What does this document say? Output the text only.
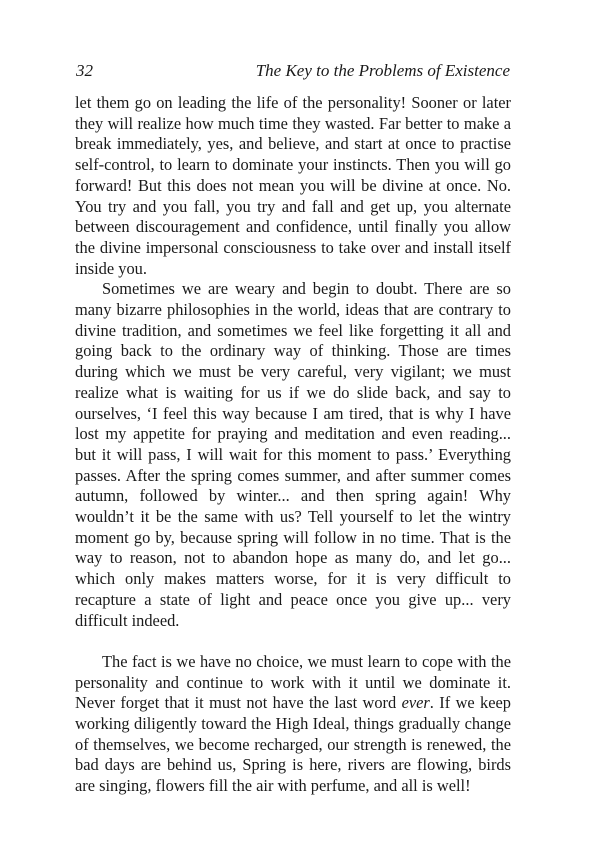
32	The Key to the Problems of Existence

let them go on leading the life of the personality! Sooner or later they will realize how much time they wasted. Far better to make a break immediately, yes, and believe, and start at once to practise self-control, to learn to dominate your instincts. Then you will go forward! But this does not mean you will be divine at once. No. You try and you fall, you try and fall and get up, you alternate between discouragement and confidence, until finally you allow the divine impersonal consciousness to take over and install itself inside you.

Sometimes we are weary and begin to doubt. There are so many bizarre philosophies in the world, ideas that are contrary to divine tradition, and sometimes we feel like forgetting it all and going back to the ordinary way of thinking. Those are times during which we must be very careful, very vigilant; we must realize what is waiting for us if we do slide back, and say to ourselves, ‘I feel this way because I am tired, that is why I have lost my appetite for praying and meditation and even reading... but it will pass, I will wait for this moment to pass.’ Everything passes. After the spring comes summer, and after summer comes autumn, followed by winter... and then spring again! Why wouldn’t it be the same with us? Tell yourself to let the wintry moment go by, because spring will follow in no time. That is the way to reason, not to abandon hope as many do, and let go... which only makes matters worse, for it is very difficult to recapture a state of light and peace once you give up... very difficult indeed.

The fact is we have no choice, we must learn to cope with the personality and continue to work with it until we dominate it. Never forget that it must not have the last word ever. If we keep working diligently toward the High Ideal, things gradually change of themselves, we become recharged, our strength is renewed, the bad days are behind us, Spring is here, rivers are flowing, birds are singing, flowers fill the air with perfume, and all is well!
